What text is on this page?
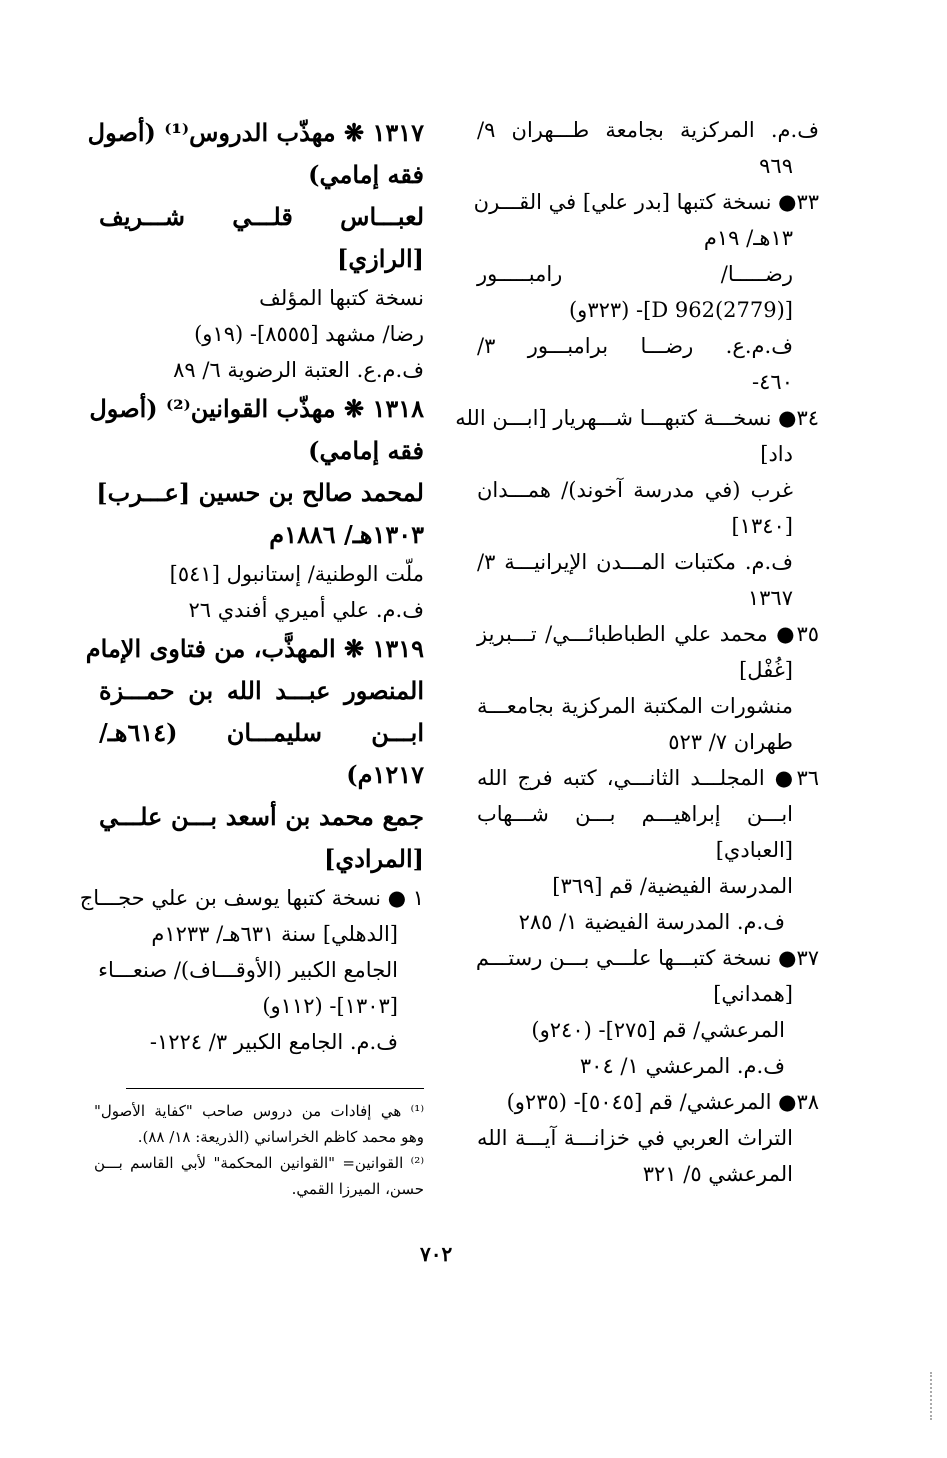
ف.م. المركزية بجامعة طـــهران ٩/
٩٦٩
٣٣● نسخة كتبها [بدر علي] في القـــرن
١٣هـ/ ١٩م
رضـــــا/ رامبـــــور
[(2779)962 D]- (٣٢٣و)
ف.م.ع. رضـــا برامبـــور ٣/
٤٦٠-
٣٤● نسخـــة كتبهـــا شـــهريار [ابـــن الله
داد]
غرب (في مدرسة آخوند)/ همـــدان
[١٣٤٠]
ف.م. مكتبات المـــدن الإيرانيـــة ٣/
١٣٦٧
٣٥● محمد علي الطباطبائـــي/ تـــبريز
[غُفْل]
منشورات المكتبة المركزية بجامعـــة
طهران ٧/ ٥٢٣
٣٦● المجلـــد الثانـــي، كتبه فرج الله
ابـــن إبراهيـــم بـــن شـــهاب
[العبادي]
المدرسة الفيضية/ قم [٣٦٩]
ف.م. المدرسة الفيضية ١/ ٢٨٥
٣٧● نسخة كتبـــها علـــي بـــن رستـــم
[همداني]
المرعشي/ قم [٢٧٥]- (٢٤٠و)
ف.م. المرعشي ١/ ٣٠٤
٣٨● المرعشي/ قم [٥٠٤٥]- (٢٣٥و)
التراث العربي في خزانـــة آيـــة الله
المرعشي ٥/ ٣٢١
١٣١٧ ❋ مهذّب الدروس⁽¹⁾ (أصول
فقه إمامي)
لعبـــاس قلـــي شـــريف
[الرازي]
نسخة كتبها المؤلف
رضا/ مشهد [٨٥٥٥]- (١٩و)
ف.م.ع. العتبة الرضوية ٦/ ٨٩
١٣١٨ ❋ مهذّب القوانين⁽²⁾ (أصول
فقه إمامي)
لمحمد صالح بن حسين [عـــرب]
١٣٠٣هـ/ ١٨٨٦م
ملّت الوطنية/ إستانبول [٥٤١]
ف.م. علي أميري أفندي ٢٦
١٣١٩ ❋ المهذَّب، من فتاوى الإمام
المنصور عبـــد الله بن حمـــزة
ابـــن سليمـــان (٦١٤هـ/
١٢١٧م)
جمع محمد بن أسعد بـــن علـــي
[المرادي]
١ ● نسخة كتبها يوسف بن علي حجـــاج
[الدهلي] سنة ٦٣١هـ/ ١٢٣٣م
الجامع الكبير (الأوقـــاف)/ صنعـــاء
[١٣٠٣]- (١١٢و)
ف.م. الجامع الكبير ٣/ ١٢٢٤-
⁽¹⁾ هي إفادات من دروس صاحب "كفاية الأصول"
وهو محمد كاظم الخراساني (الذريعة: ١٨/ ٨٨).
⁽²⁾ القوانين= "القوانين المحكمة" لأبي القاسم بـــن
حسن، الميرزا القمي.
٧٠٢
